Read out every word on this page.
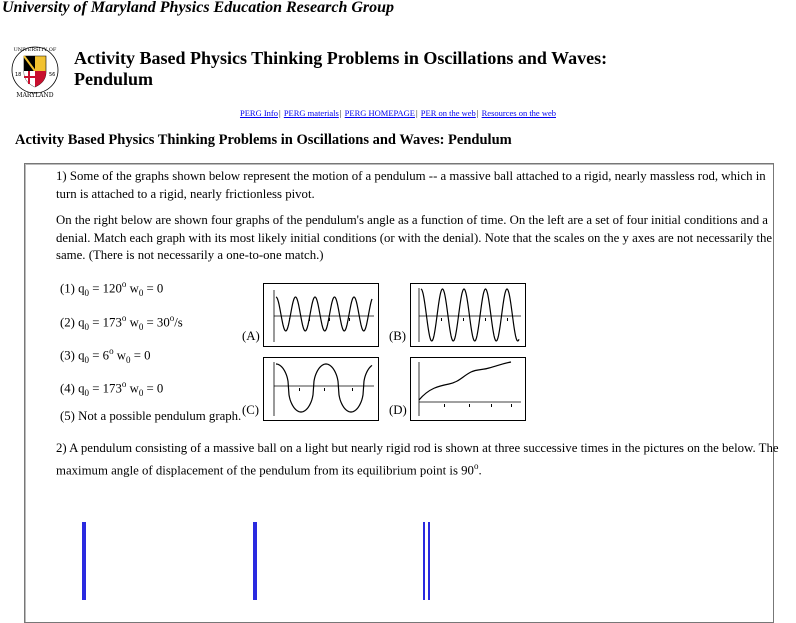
University of Maryland Physics Education Research Group
18	56
UNIVERSITY OF
MARYLAND
Activity Based Physics Thinking Problems in Oscillations and Waves:
Pendulum
PERG Info| PERG materials| PERG HOMEPAGE| PER on the web| Resources on the web
Activity Based Physics Thinking Problems in Oscillations and Waves: Pendulum
1) Some of the graphs shown below represent the motion of a pendulum -- a massive ball attached to a rigid, nearly massless rod, which in
turn is attached to a rigid, nearly frictionless pivot.
On the right below are shown four graphs of the pendulum's angle as a function of time. On the left are a set of four initial conditions and a
denial. Match each graph with its most likely initial conditions (or with the denial). Note that the scales on the y axes are not necessarily the
same. (There is not necessarily a one-to-one match.)
(1) $q_0 = 120^o$ $w_0 = 0$
(2) $q_0 = 173^o$ $w_0 = 30^o/s$
(3) $q_0 = 6^o$ $w_0 = 0$
(4) $q_0 = 173^o$ $w_0 = 0$
(5) Not a possible pendulum graph.
(A)	(B)
(C)	(D)
2) A pendulum consisting of a massive ball on a light but nearly rigid rod is shown at three successive times in the pictures on the below. The
maximum angle of displacement of the pendulum from its equilibrium point is 90$^o$.
